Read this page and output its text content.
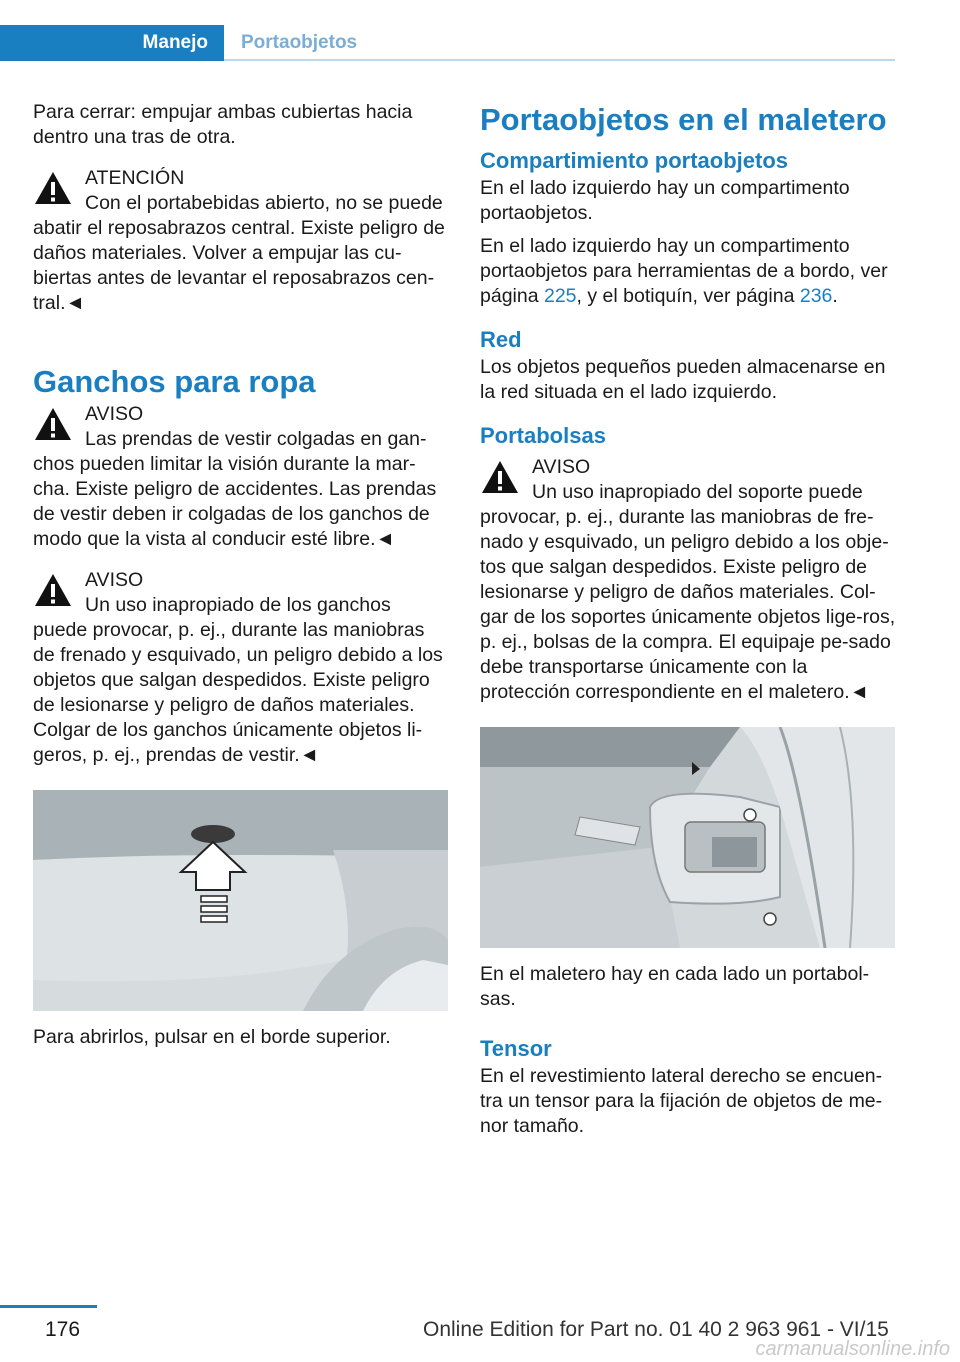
Manejo	Portaobjetos

Para cerrar: empujar ambas cubiertas hacia dentro una tras de otra.

ATENCIÓN
Con el portabebidas abierto, no se puede abatir el reposabrazos central. Existe peligro de daños materiales. Volver a empujar las cu‐biertas antes de levantar el reposabrazos cen‐tral.◄
Ganchos para ropa
AVISO
Las prendas de vestir colgadas en gan‐chos pueden limitar la visión durante la mar‐cha. Existe peligro de accidentes. Las prendas de vestir deben ir colgadas de los ganchos de modo que la vista al conducir esté libre.◄
AVISO
Un uso inapropiado de los ganchos puede provocar, p. ej., durante las maniobras de frenado y esquivado, un peligro debido a los objetos que salgan despedidos. Existe peligro de lesionarse y peligro de daños materiales. Colgar de los ganchos únicamente objetos li‐geros, p. ej., prendas de vestir.◄

Para abrirlos, pulsar en el borde superior.

Portaobjetos en el maletero
Compartimiento portaobjetos

En el lado izquierdo hay un compartimento portaobjetos.

En el lado izquierdo hay un compartimento portaobjetos para herramientas de a bordo, ver página 225, y el botiquín, ver página 236.

Red

Los objetos pequeños pueden almacenarse en la red situada en el lado izquierdo.

Portabolsas
AVISO
Un uso inapropiado del soporte puede provocar, p. ej., durante las maniobras de fre‐nado y esquivado, un peligro debido a los obje‐tos que salgan despedidos. Existe peligro de lesionarse y peligro de daños materiales. Col‐gar de los soportes únicamente objetos lige‐ros, p. ej., bolsas de la compra. El equipaje pe‐sado debe transportarse únicamente con la protección correspondiente en el maletero.◄

En el maletero hay en cada lado un portabol‐sas.

Tensor

En el revestimiento lateral derecho se encuen‐tra un tensor para la fijación de objetos de me‐nor tamaño.

176	Online Edition for Part no. 01 40 2 963 961 - VI/15
carmanualsonline.info
